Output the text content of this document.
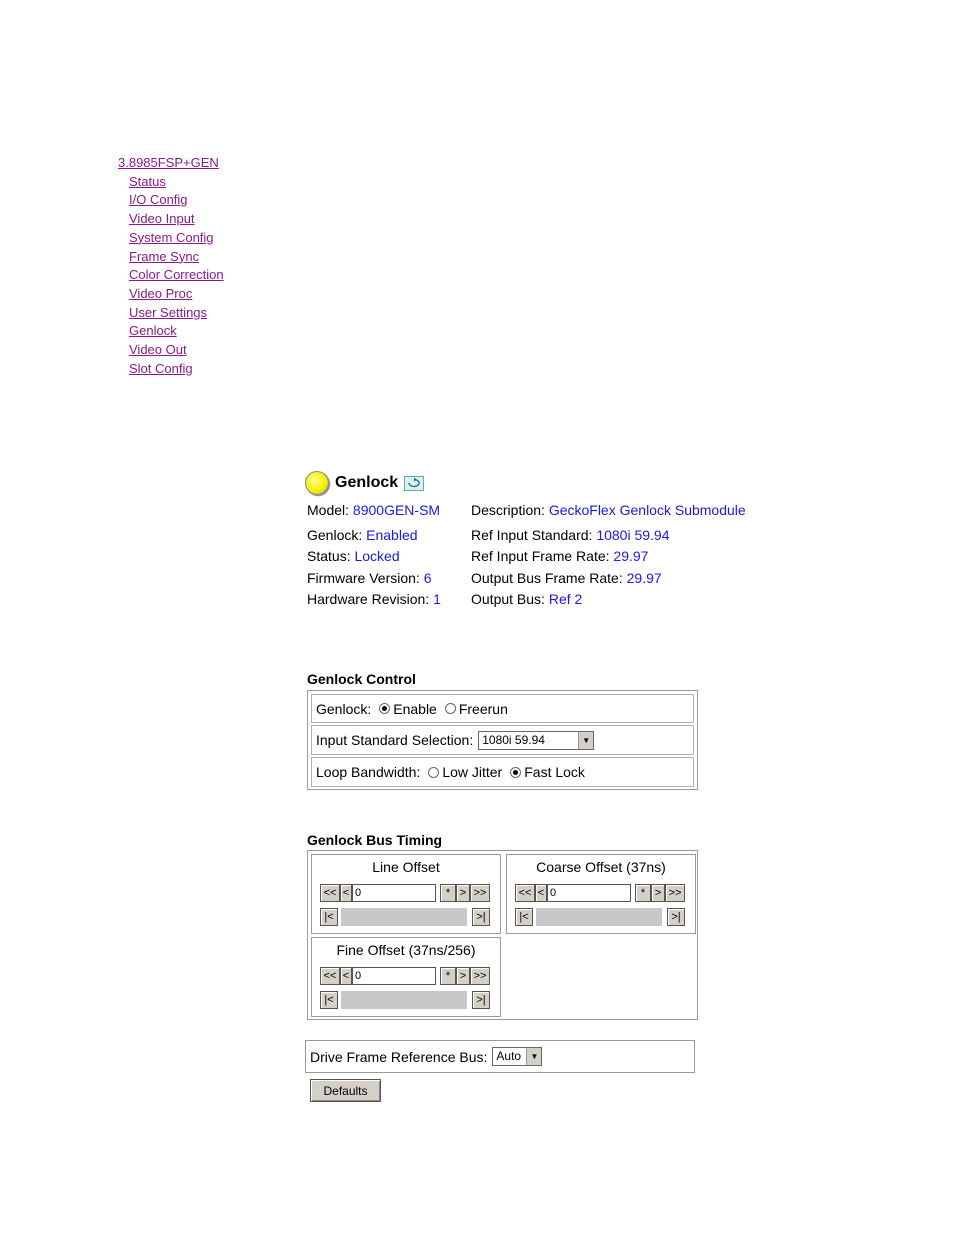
3.8985FSP+GEN
Status
I/O Config
Video Input
System Config
Frame Sync
Color Correction
Video Proc
User Settings
Genlock
Video Out
Slot Config
Genlock
Model: 8900GEN-SM
Genlock: Enabled
Status: Locked
Firmware Version: 6
Hardware Revision: 1
Description: GeckoFlex Genlock Submodule
Ref Input Standard: 1080i 59.94
Ref Input Frame Rate: 29.97
Output Bus Frame Rate: 29.97
Output Bus: Ref 2
Genlock Control
Genlock: Enable Freerun
Input Standard Selection: 1080i 59.94	▼
Loop Bandwidth: Low Jitter Fast Lock
Genlock Bus Timing
Line Offset
<< < 0	* > >>
|<	>|
Coarse Offset (37ns)
<< < 0	* > >>
|<	>|
Fine Offset (37ns/256)
<< < 0	* > >>
|<	>|
Drive Frame Reference Bus: Auto	▼
Defaults
